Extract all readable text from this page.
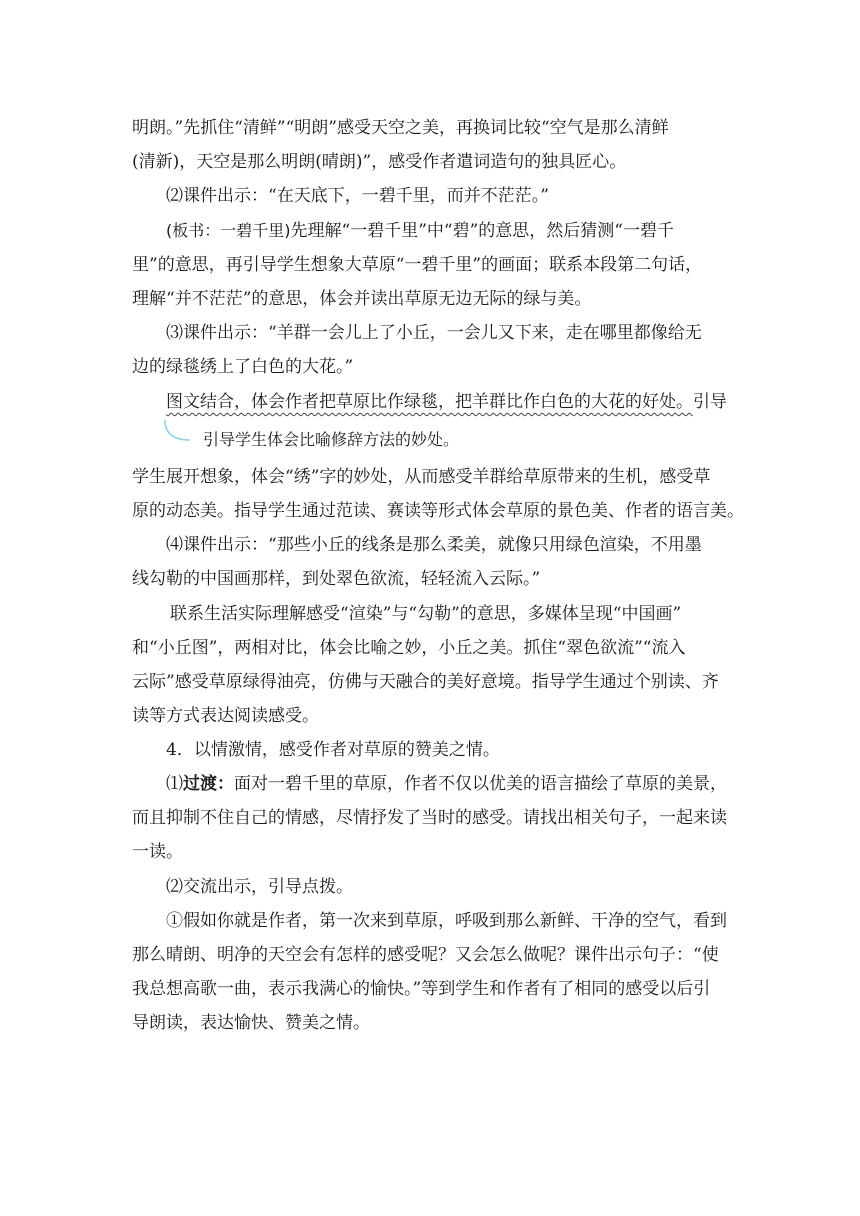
明朗。”先抓住“清鲜”“明朗”感受天空之美，再换词比较“空气是那么清鲜
(清新)，天空是那么明朗(晴朗)”，感受作者遣词造句的独具匠心。
⑵课件出示：“在天底下，一碧千里，而并不茫茫。”
(板书：一碧千里)先理解“一碧千里”中“碧”的意思，然后猜测“一碧千
里”的意思，再引导学生想象大草原“一碧千里”的画面；联系本段第二句话，
理解“并不茫茫”的意思，体会并读出草原无边无际的绿与美。
⑶课件出示：“羊群一会儿上了小丘，一会儿又下来，走在哪里都像给无
边的绿毯绣上了白色的大花。”
图文结合，体会作者把草原比作绿毯，把羊群比作白色的大花的好处。引导
引导学生体会比喻修辞方法的妙处。
学生展开想象，体会“绣”字的妙处，从而感受羊群给草原带来的生机，感受草
原的动态美。指导学生通过范读、赛读等形式体会草原的景色美、作者的语言美。
⑷课件出示：“那些小丘的线条是那么柔美，就像只用绿色渲染，不用墨
线勾勒的中国画那样，到处翠色欲流，轻轻流入云际。”
联系生活实际理解感受“渲染”与“勾勒”的意思，多媒体呈现“中国画”
和“小丘图”，两相对比，体会比喻之妙，小丘之美。抓住“翠色欲流”“流入
云际”感受草原绿得油亮，仿佛与天融合的美好意境。指导学生通过个别读、齐
读等方式表达阅读感受。
4．以情激情，感受作者对草原的赞美之情。
⑴过渡：面对一碧千里的草原，作者不仅以优美的语言描绘了草原的美景，
而且抑制不住自己的情感，尽情抒发了当时的感受。请找出相关句子，一起来读
一读。
⑵交流出示，引导点拨。
①假如你就是作者，第一次来到草原，呼吸到那么新鲜、干净的空气，看到
那么晴朗、明净的天空会有怎样的感受呢？又会怎么做呢？课件出示句子：“使
我总想高歌一曲，表示我满心的愉快。”等到学生和作者有了相同的感受以后引
导朗读，表达愉快、赞美之情。
